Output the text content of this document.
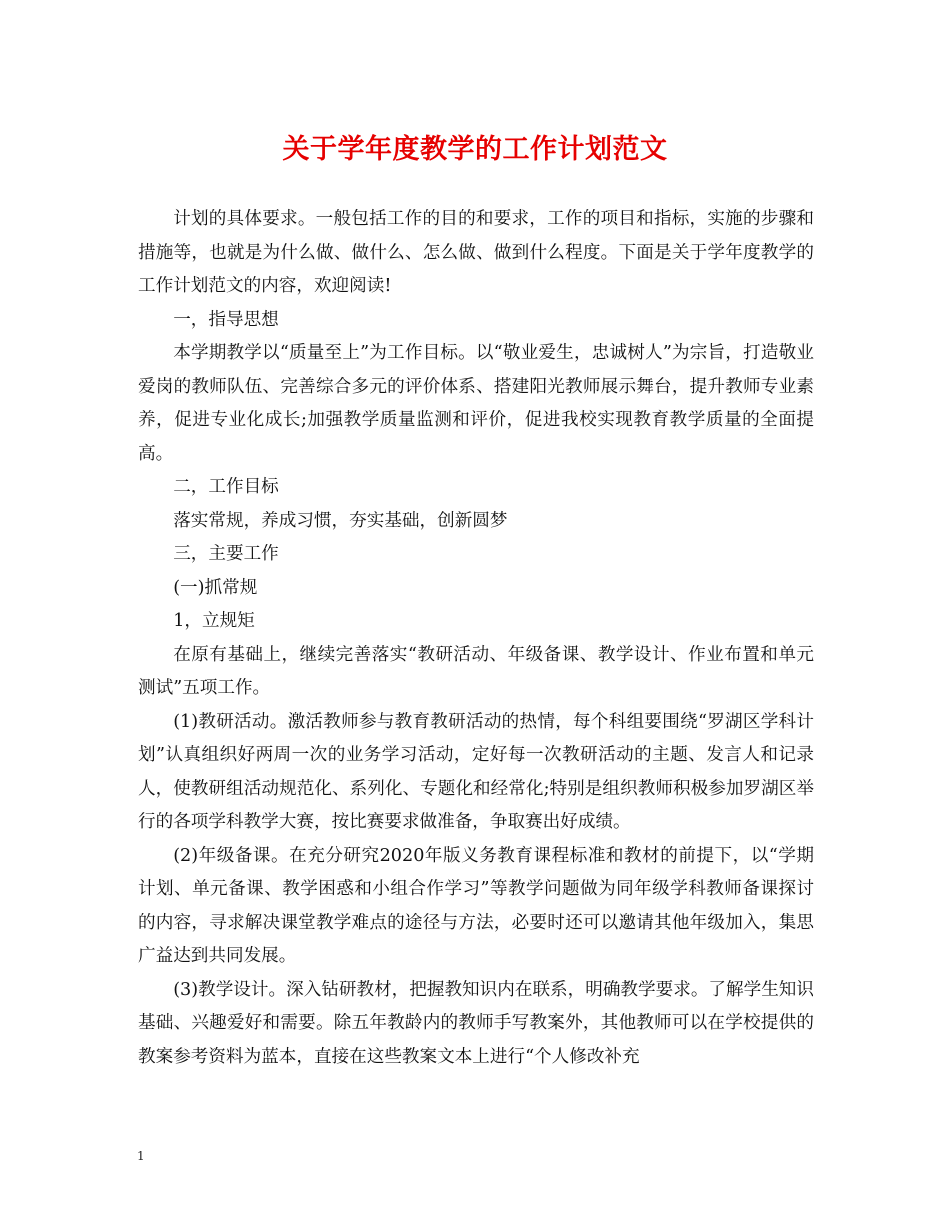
关于学年度教学的工作计划范文

计划的具体要求。一般包括工作的目的和要求，工作的项目和指标，实施的步骤和措施等，也就是为什么做、做什么、怎么做、做到什么程度。下面是关于学年度教学的工作计划范文的内容，欢迎阅读!

一，指导思想

本学期教学以“质量至上”为工作目标。以“敬业爱生，忠诚树人”为宗旨，打造敬业爱岗的教师队伍、完善综合多元的评价体系、搭建阳光教师展示舞台，提升教师专业素养，促进专业化成长;加强教学质量监测和评价，促进我校实现教育教学质量的全面提高。

二，工作目标

落实常规，养成习惯，夯实基础，创新圆梦

三，主要工作

(一)抓常规

1，立规矩

在原有基础上，继续完善落实“教研活动、年级备课、教学设计、作业布置和单元测试”五项工作。

(1)教研活动。激活教师参与教育教研活动的热情，每个科组要围绕“罗湖区学科计划”认真组织好两周一次的业务学习活动，定好每一次教研活动的主题、发言人和记录人，使教研组活动规范化、系列化、专题化和经常化;特别是组织教师积极参加罗湖区举行的各项学科教学大赛，按比赛要求做准备，争取赛出好成绩。

(2)年级备课。在充分研究2020年版义务教育课程标准和教材的前提下，以“学期计划、单元备课、教学困惑和小组合作学习”等教学问题做为同年级学科教师备课探讨的内容，寻求解决课堂教学难点的途径与方法，必要时还可以邀请其他年级加入，集思广益达到共同发展。

(3)教学设计。深入钻研教材，把握教知识内在联系，明确教学要求。了解学生知识基础、兴趣爱好和需要。除五年教龄内的教师手写教案外，其他教师可以在学校提供的教案参考资料为蓝本，直接在这些教案文本上进行“个人修改补充

1
